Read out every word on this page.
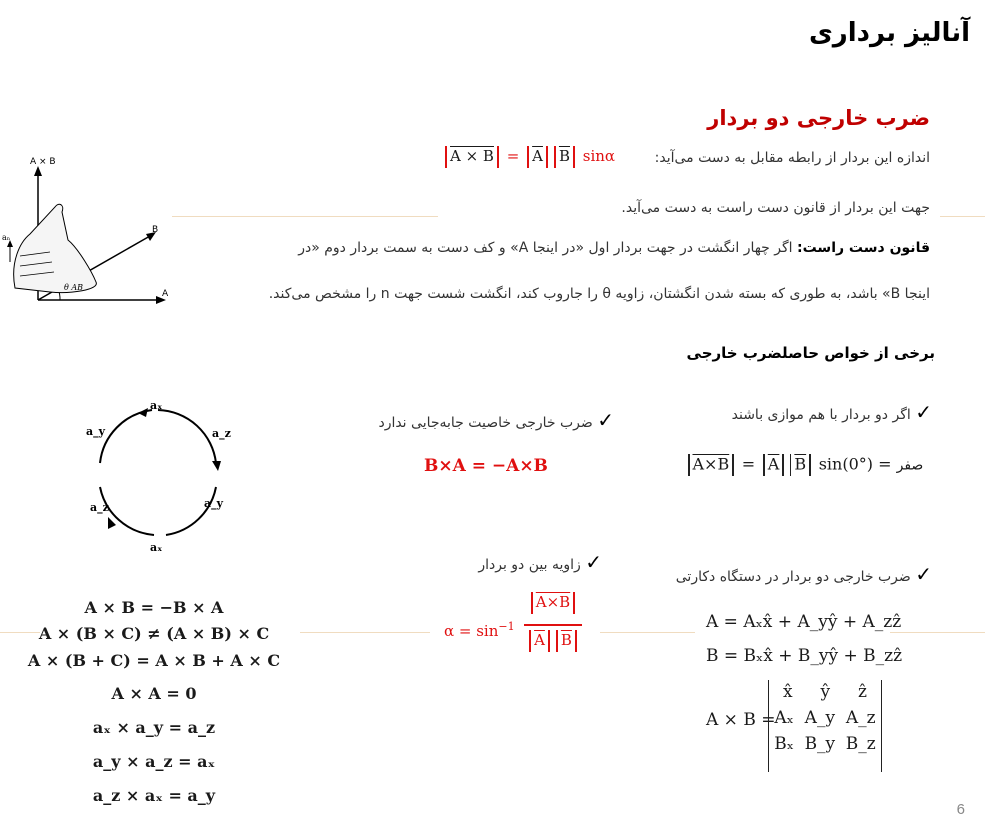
آنالیز برداری
ضرب خارجی دو بردار
اندازه این بردار از رابطه مقابل به دست می‌آید:
$A \times B = \overline{A}$ $\overline{B}$ sinα
جهت این بردار از قانون دست راست به دست می‌آید.
قانون دست راست: اگر چهار انگشت در جهت بردار اول «در اینجا A» و کف دست به سمت بردار دوم «در
اینجا B» باشد، به طوری که بسته شدن انگشتان، زاویه θ را جاروب کند، انگشت شست جهت n را مشخص می‌کند.
A × B
B
A
θ AB
aₙ
برخی از خواص حاصلضرب خارجی
✓ اگر دو بردار با هم موازی باشند
$A\times B = \overline{A}$ $\overline{B}$ sin(0°) = صفر
✓ ضرب خارجی خاصیت جابه‌جایی ندارد
B×A = −A×B
✓ زاویه بین دو بردار
$\alpha = \sin^{-1}$
A×B
$\overline{A}$ $\overline{B}$
✓ ضرب خارجی دو بردار در دستگاه دکارتی
A = Aₓx̂ + A_yŷ + A_zẑ
B = Bₓx̂ + B_yŷ + B_zẑ
A × B =
x̂ ŷ ẑ
Aₓ A_y A_z
Bₓ B_y B_z
aₓ
a_z
a_y
aₓ
a_z
a_y
A × B = −B × A
A × (B × C) ≠ (A × B) × C
A × (B + C) = A × B + A × C
A × A = 0
aₓ × a_y = a_z
a_y × a_z = aₓ
a_z × aₓ = a_y
6
